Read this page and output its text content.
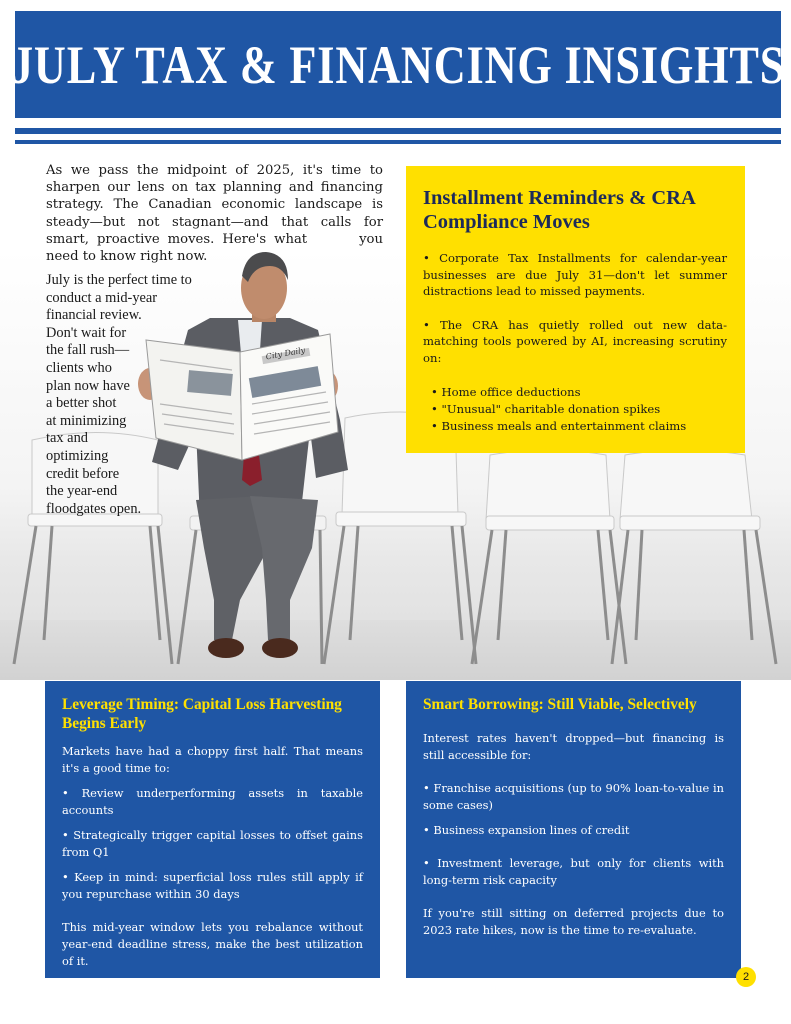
City Daily
JULY TAX & FINANCING INSIGHTS
As we pass the midpoint of 2025, it's time to sharpen our lens on tax planning and financing strategy. The Canadian economic landscape is steady—but not stagnant—and that calls for smart, proactive moves. Here's what	you need to know right now.
July is the perfect time to
conduct a mid-year
financial review.
Don't wait for
the fall rush—
clients who
plan now have
a better shot
at minimizing
tax and
optimizing
credit before
the year-end
floodgates open.
Installment Reminders & CRA Compliance Moves

• Corporate Tax Installments for calendar-year businesses are due July 31—don't let summer distractions lead to missed payments.

• The CRA has quietly rolled out new data-matching tools powered by AI, increasing scrutiny on:

• Home office deductions
• "Unusual" charitable donation spikes
• Business meals and entertainment claims
Leverage Timing: Capital Loss Harvesting Begins Early
Markets have had a choppy first half. That means it's a good time to:
• Review underperforming assets in taxable accounts
• Strategically trigger capital losses to offset gains from Q1
• Keep in mind: superficial loss rules still apply if you repurchase within 30 days
This mid-year window lets you rebalance without year-end deadline stress, make the best utilization of it.
Smart Borrowing: Still Viable, Selectively
Interest rates haven't dropped—but financing is still accessible for:
• Franchise acquisitions (up to 90% loan-to-value in some cases)
• Business expansion lines of credit
• Investment leverage, but only for clients with long-term risk capacity
If you're still sitting on deferred projects due to 2023 rate hikes, now is the time to re-evaluate.
2
